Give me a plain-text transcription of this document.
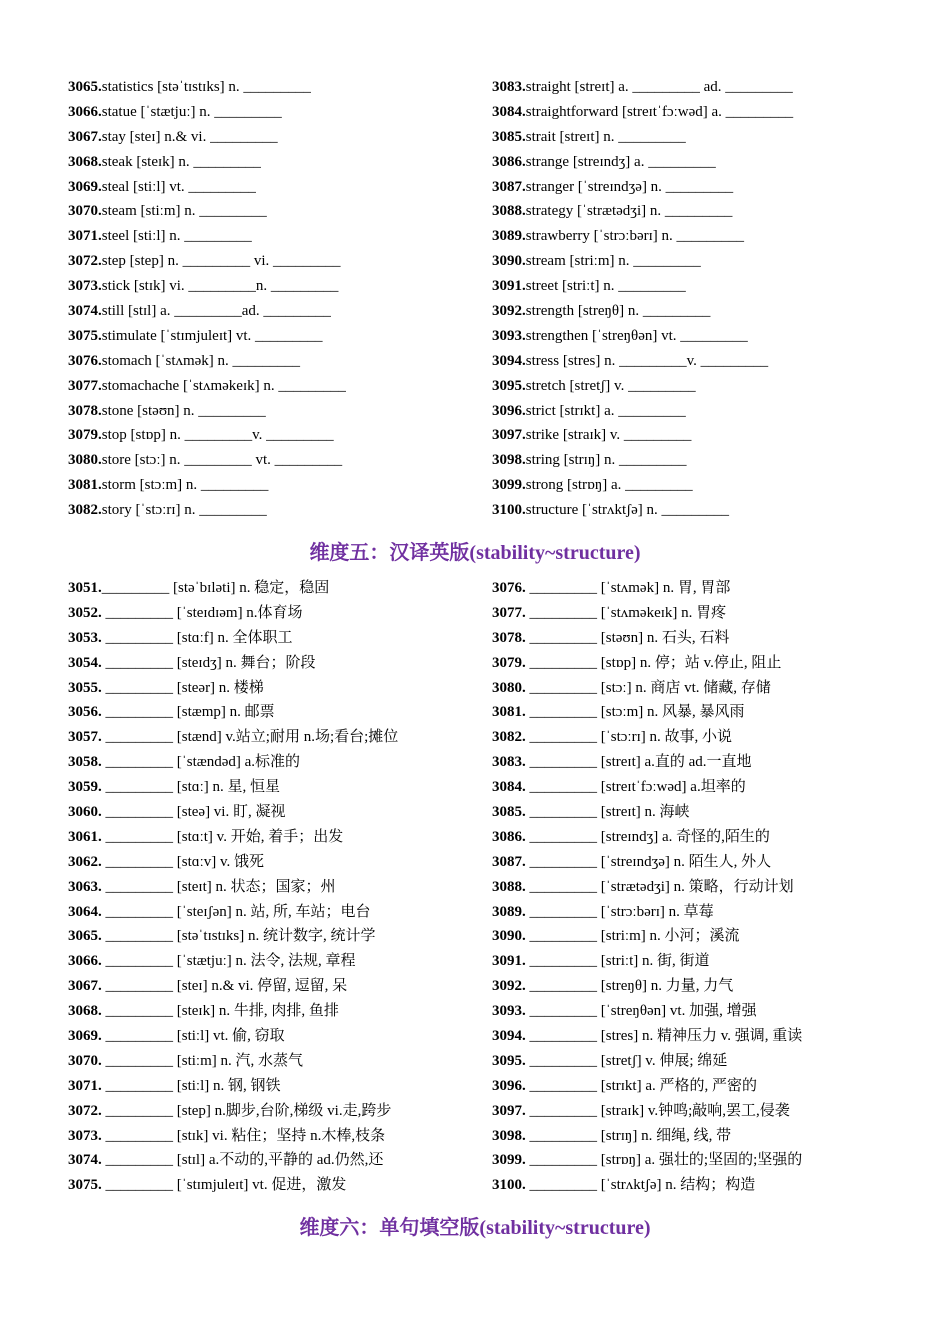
3065.statistics [stəˈtɪstɪks] n. _________
3066.statue [ˈstætjuː] n. _________
3067.stay [steɪ] n.& vi. _________
3068.steak [steɪk] n. _________
3069.steal [stiːl] vt. _________
3070.steam [stiːm] n. _________
3071.steel [stiːl] n. _________
3072.step [step] n. _________ vi. _________
3073.stick [stɪk] vi. _________n. _________
3074.still [stɪl] a. _________ad. _________
3075.stimulate [ˈstɪmjuleɪt] vt. _________
3076.stomach [ˈstʌmək] n. _________
3077.stomachache [ˈstʌməkeɪk] n. _________
3078.stone [stəʊn] n. _________
3079.stop [stɒp] n. _________v. _________
3080.store [stɔː] n. _________ vt. _________
3081.storm [stɔːm] n. _________
3082.story [ˈstɔːrɪ] n. _________
3083.straight [streɪt] a. _________ ad. _________
3084.straightforward [streɪtˈfɔːwəd] a. _________
3085.strait [streɪt] n. _________
3086.strange [streɪndʒ] a. _________
3087.stranger [ˈstreɪndʒə] n. _________
3088.strategy [ˈstrætədʒi] n. _________
3089.strawberry [ˈstrɔːbərɪ] n. _________
3090.stream [striːm] n. _________
3091.street [striːt] n. _________
3092.strength [streŋθ] n. _________
3093.strengthen [ˈstreŋθən] vt. _________
3094.stress [stres] n. _________v. _________
3095.stretch [stretʃ] v. _________
3096.strict [strɪkt] a. _________
3097.strike [straɪk] v. _________
3098.string [strɪŋ] n. _________
3099.strong [strɒŋ] a. _________
3100.structure [ˈstrʌktʃə] n. _________
维度五：汉译英版(stability~structure)
3051._________ [stəˈbɪləti] n. 稳定，稳固
3052. _________ [ˈsteɪdɪəm] n.体育场
3053. _________ [stɑːf] n. 全体职工
3054. _________ [steɪdʒ] n. 舞台；阶段
3055. _________ [steər] n. 楼梯
3056. _________ [stæmp] n. 邮票
3057. _________ [stænd] v.站立;耐用 n.场;看台;摊位
3058. _________ [ˈstændəd] a.标准的
3059. _________ [stɑː] n. 星, 恒星
3060. _________ [steə] vi. 盯, 凝视
3061. _________ [stɑːt] v. 开始, 着手；出发
3062. _________ [stɑːv] v. 饿死
3063. _________ [steɪt] n. 状态；国家；州
3064. _________ [ˈsteɪʃən] n. 站, 所, 车站；电台
3065. _________ [stəˈtɪstɪks] n. 统计数字, 统计学
3066. _________ [ˈstætjuː] n. 法令, 法规, 章程
3067. _________ [steɪ] n.& vi. 停留, 逗留, 呆
3068. _________ [steɪk] n. 牛排, 肉排, 鱼排
3069. _________ [stiːl] vt. 偷, 窃取
3070. _________ [stiːm] n. 汽, 水蒸气
3071. _________ [stiːl] n. 钢, 钢铁
3072. _________ [step] n.脚步,台阶,梯级 vi.走,跨步
3073. _________ [stɪk] vi. 粘住；坚持 n.木棒,枝条
3074. _________ [stɪl] a.不动的,平静的 ad.仍然,还
3075. _________ [ˈstɪmjuleɪt] vt. 促进，激发
3076. _________ [ˈstʌmək] n. 胃, 胃部
3077. _________ [ˈstʌməkeɪk] n. 胃疼
3078. _________ [stəʊn] n. 石头, 石料
3079. _________ [stɒp] n. 停；站 v.停止, 阻止
3080. _________ [stɔː] n. 商店 vt. 储藏, 存储
3081. _________ [stɔːm] n. 风暴, 暴风雨
3082. _________ [ˈstɔːrɪ] n. 故事, 小说
3083. _________ [streɪt] a.直的 ad.一直地
3084. _________ [streɪtˈfɔːwəd] a.坦率的
3085. _________ [streɪt] n. 海峡
3086. _________ [streɪndʒ] a. 奇怪的,陌生的
3087. _________ [ˈstreɪndʒə] n. 陌生人, 外人
3088. _________ [ˈstrætədʒi] n. 策略，行动计划
3089. _________ [ˈstrɔːbərɪ] n. 草莓
3090. _________ [striːm] n. 小河；溪流
3091. _________ [striːt] n. 街, 街道
3092. _________ [streŋθ] n. 力量, 力气
3093. _________ [ˈstreŋθən] vt. 加强, 增强
3094. _________ [stres] n. 精神压力 v. 强调, 重读
3095. _________ [stretʃ] v. 伸展; 绵延
3096. _________ [strɪkt] a. 严格的, 严密的
3097. _________ [straɪk] v.钟鸣;敲响,罢工,侵袭
3098. _________ [strɪŋ] n. 细绳, 线, 带
3099. _________ [strɒŋ] a. 强壮的;坚固的;坚强的
3100. _________ [ˈstrʌktʃə] n. 结构；构造
维度六：单句填空版(stability~structure)
